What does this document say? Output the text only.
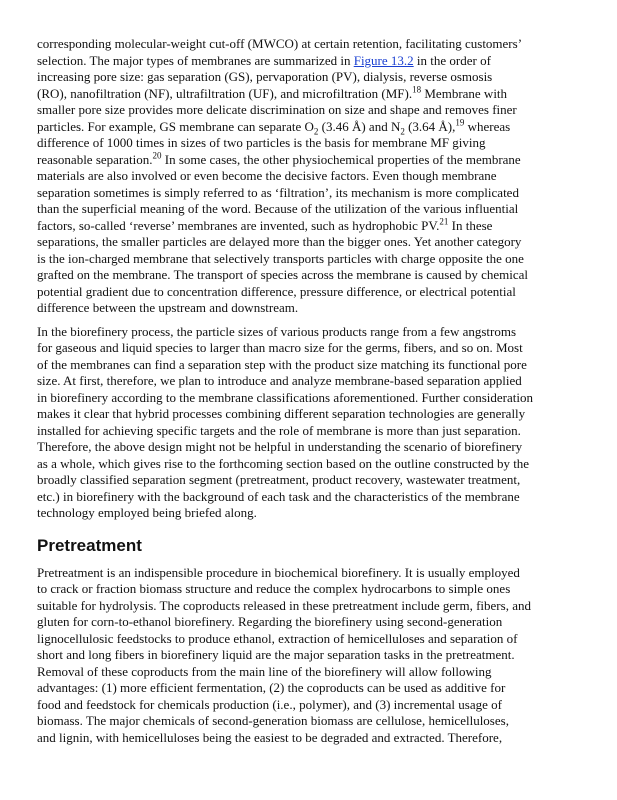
corresponding molecular-weight cut-off (MWCO) at certain retention, facilitating customers’
selection. The major types of membranes are summarized in Figure 13.2 in the order of
increasing pore size: gas separation (GS), pervaporation (PV), dialysis, reverse osmosis
(RO), nanofiltration (NF), ultrafiltration (UF), and microfiltration (MF).$^{18}$ Membrane with
smaller pore size provides more delicate discrimination on size and shape and removes finer
particles. For example, GS membrane can separate $O_2$ (3.46 Å) and $N_2$ (3.64 Å),$^{19}$ whereas
difference of 1000 times in sizes of two particles is the basis for membrane MF giving
reasonable separation.$^{20}$ In some cases, the other physiochemical properties of the membrane
materials are also involved or even become the decisive factors. Even though membrane
separation sometimes is simply referred to as ‘filtration’, its mechanism is more complicated
than the superficial meaning of the word. Because of the utilization of the various influential
factors, so-called ‘reverse’ membranes are invented, such as hydrophobic PV.$^{21}$ In these
separations, the smaller particles are delayed more than the bigger ones. Yet another category
is the ion-charged membrane that selectively transports particles with charge opposite the one
grafted on the membrane. The transport of species across the membrane is caused by chemical
potential gradient due to concentration difference, pressure difference, or electrical potential
difference between the upstream and downstream.
In the biorefinery process, the particle sizes of various products range from a few angstroms
for gaseous and liquid species to larger than macro size for the germs, fibers, and so on. Most
of the membranes can find a separation step with the product size matching its functional pore
size. At first, therefore, we plan to introduce and analyze membrane-based separation applied
in biorefinery according to the membrane classifications aforementioned. Further consideration
makes it clear that hybrid processes combining different separation technologies are generally
installed for achieving specific targets and the role of membrane is more than just separation.
Therefore, the above design might not be helpful in understanding the scenario of biorefinery
as a whole, which gives rise to the forthcoming section based on the outline constructed by the
broadly classified separation segment (pretreatment, product recovery, wastewater treatment,
etc.) in biorefinery with the background of each task and the characteristics of the membrane
technology employed being briefed along.
Pretreatment
Pretreatment is an indispensible procedure in biochemical biorefinery. It is usually employed
to crack or fraction biomass structure and reduce the complex hydrocarbons to simple ones
suitable for hydrolysis. The coproducts released in these pretreatment include germ, fibers, and
gluten for corn-to-ethanol biorefinery. Regarding the biorefinery using second-generation
lignocellulosic feedstocks to produce ethanol, extraction of hemicelluloses and separation of
short and long fibers in biorefinery liquid are the major separation tasks in the pretreatment.
Removal of these coproducts from the main line of the biorefinery will allow following
advantages: (1) more efficient fermentation, (2) the coproducts can be used as additive for
food and feedstock for chemicals production (i.e., polymer), and (3) incremental usage of
biomass. The major chemicals of second-generation biomass are cellulose, hemicelluloses,
and lignin, with hemicelluloses being the easiest to be degraded and extracted. Therefore,
